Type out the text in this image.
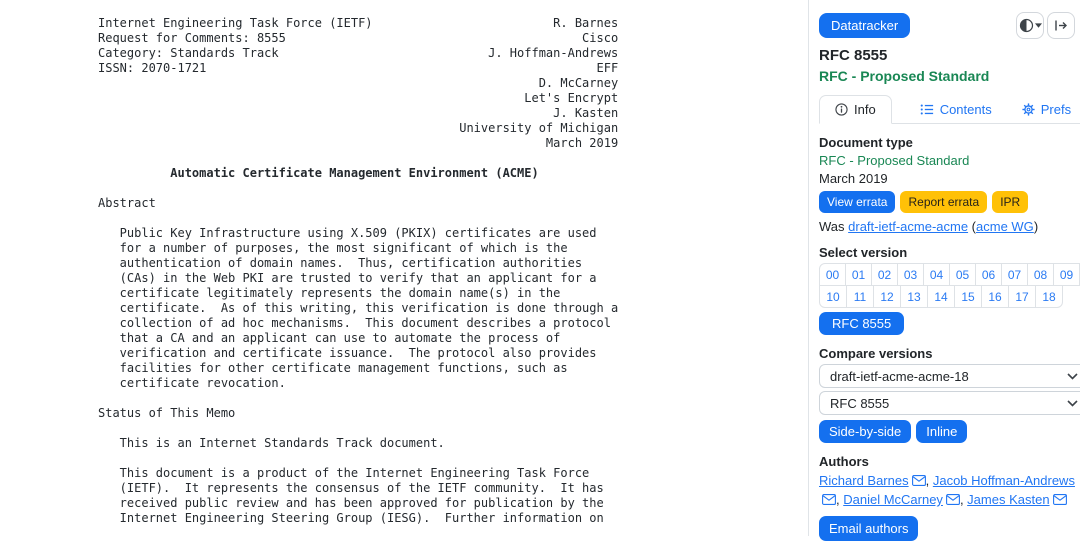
Internet Engineering Task Force (IETF)                         R. Barnes
Request for Comments: 8555                                         Cisco
Category: Standards Track                             J. Hoffman-Andrews
ISSN: 2070-1721                                                      EFF
D. McCarney
Let's Encrypt
J. Kasten
University of Michigan
March 2019

Automatic Certificate Management Environment (ACME)

Abstract

Public Key Infrastructure using X.509 (PKIX) certificates are used
for a number of purposes, the most significant of which is the
authentication of domain names.  Thus, certification authorities
(CAs) in the Web PKI are trusted to verify that an applicant for a
certificate legitimately represents the domain name(s) in the
certificate.  As of this writing, this verification is done through a
collection of ad hoc mechanisms.  This document describes a protocol
that a CA and an applicant can use to automate the process of
verification and certificate issuance.  The protocol also provides
facilities for other certificate management functions, such as
certificate revocation.

Status of This Memo

This is an Internet Standards Track document.

This document is a product of the Internet Engineering Task Force
(IETF).  It represents the consensus of the IETF community.  It has
received public review and has been approved for publication by the
Internet Engineering Steering Group (IESG).  Further information on
Datatracker
RFC 8555
RFC - Proposed Standard
Info	Contents	Prefs
Document type
RFC - Proposed Standard
March 2019
View errata	Report errata	IPR
Was draft-ietf-acme-acme (acme WG)
Select version
00	01	02	03	04	05	06	07	08	09
10	11	12	13	14	15	16	17	18
RFC 8555
Compare versions
draft-ietf-acme-acme-18
RFC 8555
Side-by-side	Inline
Authors
Richard Barnes , Jacob Hoffman-Andrews, Daniel McCarney , James Kasten
Email authors
